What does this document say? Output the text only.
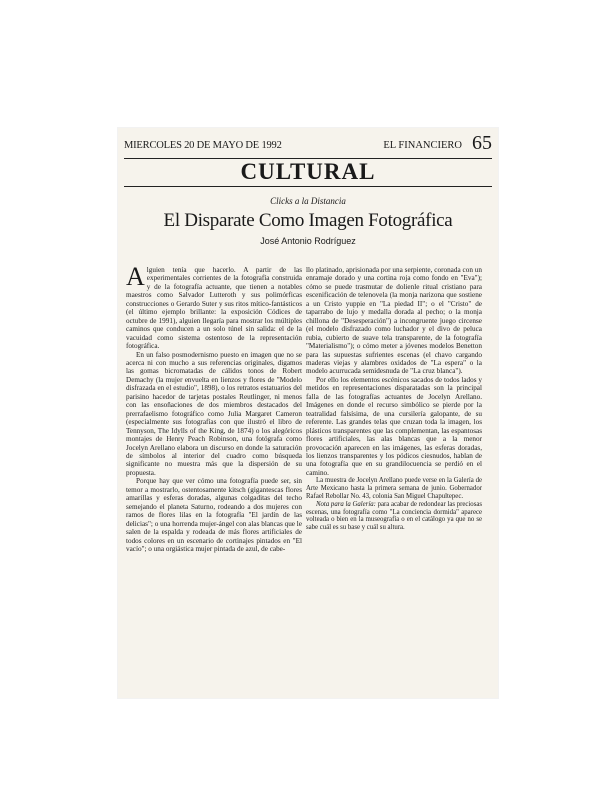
MIERCOLES 20 DE MAYO DE 1992	EL FINANCIERO 65
CULTURAL
Clicks a la Distancia
El Disparate Como Imagen Fotográfica
José Antonio Rodríguez

Alguien tenía que hacerlo. A partir de las experimentales corrientes de la fotografía construida y de la fotografía actuante, que tienen a notables maestros como Salvador Lutteroth y sus polimórficas construcciones o Gerardo Suter y sus ritos mítico-fantásticos (el último ejemplo brillante: la exposición Códices de octubre de 1991), alguien llegaría para mostrar los múltiples caminos que conducen a un solo túnel sin salida: el de la vacuidad como sistema ostentoso de la representación fotográfica.

En un falso posmodernismo puesto en imagen que no se acerca ni con mucho a sus referencias originales, digamos las gomas bicromatadas de cálidos tonos de Robert Demachy (la mujer envuelta en lienzos y flores de "Modelo disfrazada en el estudio", 1898), o los retratos estatuarios del parisino hacedor de tarjetas postales Reutlinger, ni menos con las ensoñaciones de dos miembros destacados del prerrafaelismo fotográfico como Julia Margaret Cameron (especialmente sus fotografías con que ilustró el libro de Tennyson, The Idylls of the King, de 1874) o los alegóricos montajes de Henry Peach Robinson, una fotógrafa como Jocelyn Arellano elabora un discurso en donde la saturación de símbolos al interior del cuadro como búsqueda significante no muestra más que la dispersión de su propuesta.

Porque hay que ver cómo una fotografía puede ser, sin temor a mostrarlo, ostentosamente kitsch (gigantescas flores amarillas y esferas doradas, algunas colgaditas del techo semejando el planeta Saturno, rodeando a dos mujeres con ramos de flores lilas en la fotografía "El jardín de las delicias"; o una horrenda mujer-ángel con alas blancas que le salen de la espalda y rodeada de más flores artificiales de todos colores en un escenario de cortinajes pintados en "El vacío"; o una orgiástica mujer pintada de azul, de cabe-

llo platinado, aprisionada por una serpiente, coronada con un enramaje dorado y una cortina roja como fondo en "Eva"); cómo se puede trasmutar de dolienle ritual cristiano para escenificación de telenovela (la monja narizona que sostiene a un Cristo yuppie en "La piedad II"; o el "Cristo" de taparrabo de lujo y medalla dorada al pecho; o la monja chillona de "Desesperación") a incongruente juego circense (el modelo disfrazado como luchador y el divo de peluca rubia, cubierto de suave tela transparente, de la fotografía "Materialismo"); o cómo meter a jóvenes modelos Benetton para las supuestas sufrientes escenas (el chavo cargando maderas viejas y alambres oxidados de "La espera" o la modelo acurrucada semidesnuda de "La cruz blanca").

Por ello los elementos escénicos sacados de todos lados y metidos en representaciones disparatadas son la principal falla de las fotografías actuantes de Jocelyn Arellano. Imágenes en donde el recurso simbólico se pierde por la teatralidad falsísima, de una cursilería galopante, de su referente. Las grandes telas que cruzan toda la imagen, los plásticos transparentes que las complementan, las espantosas flores artificiales, las alas blancas que a la menor provocación aparecen en las imágenes, las esferas doradas, los lienzos transparentes y los pódicos ciesnudos, hablan de una fotografía que en su grandilocuencia se perdió en el camino.

La muestra de Jocelyn Arellano puede verse en la Galería de Arte Mexicano hasta la primera semana de junio. Gobernador Rafael Rebollar No. 43, colonia San Miguel Chapultepec.

Nota para la Galería: para acabar de redondear las preciosas escenas, una fotografía como "La conciencia dormida" aparece volteada o bien en la museografía o en el catálogo ya que no se sabe cuál es su base y cuál su altura.
